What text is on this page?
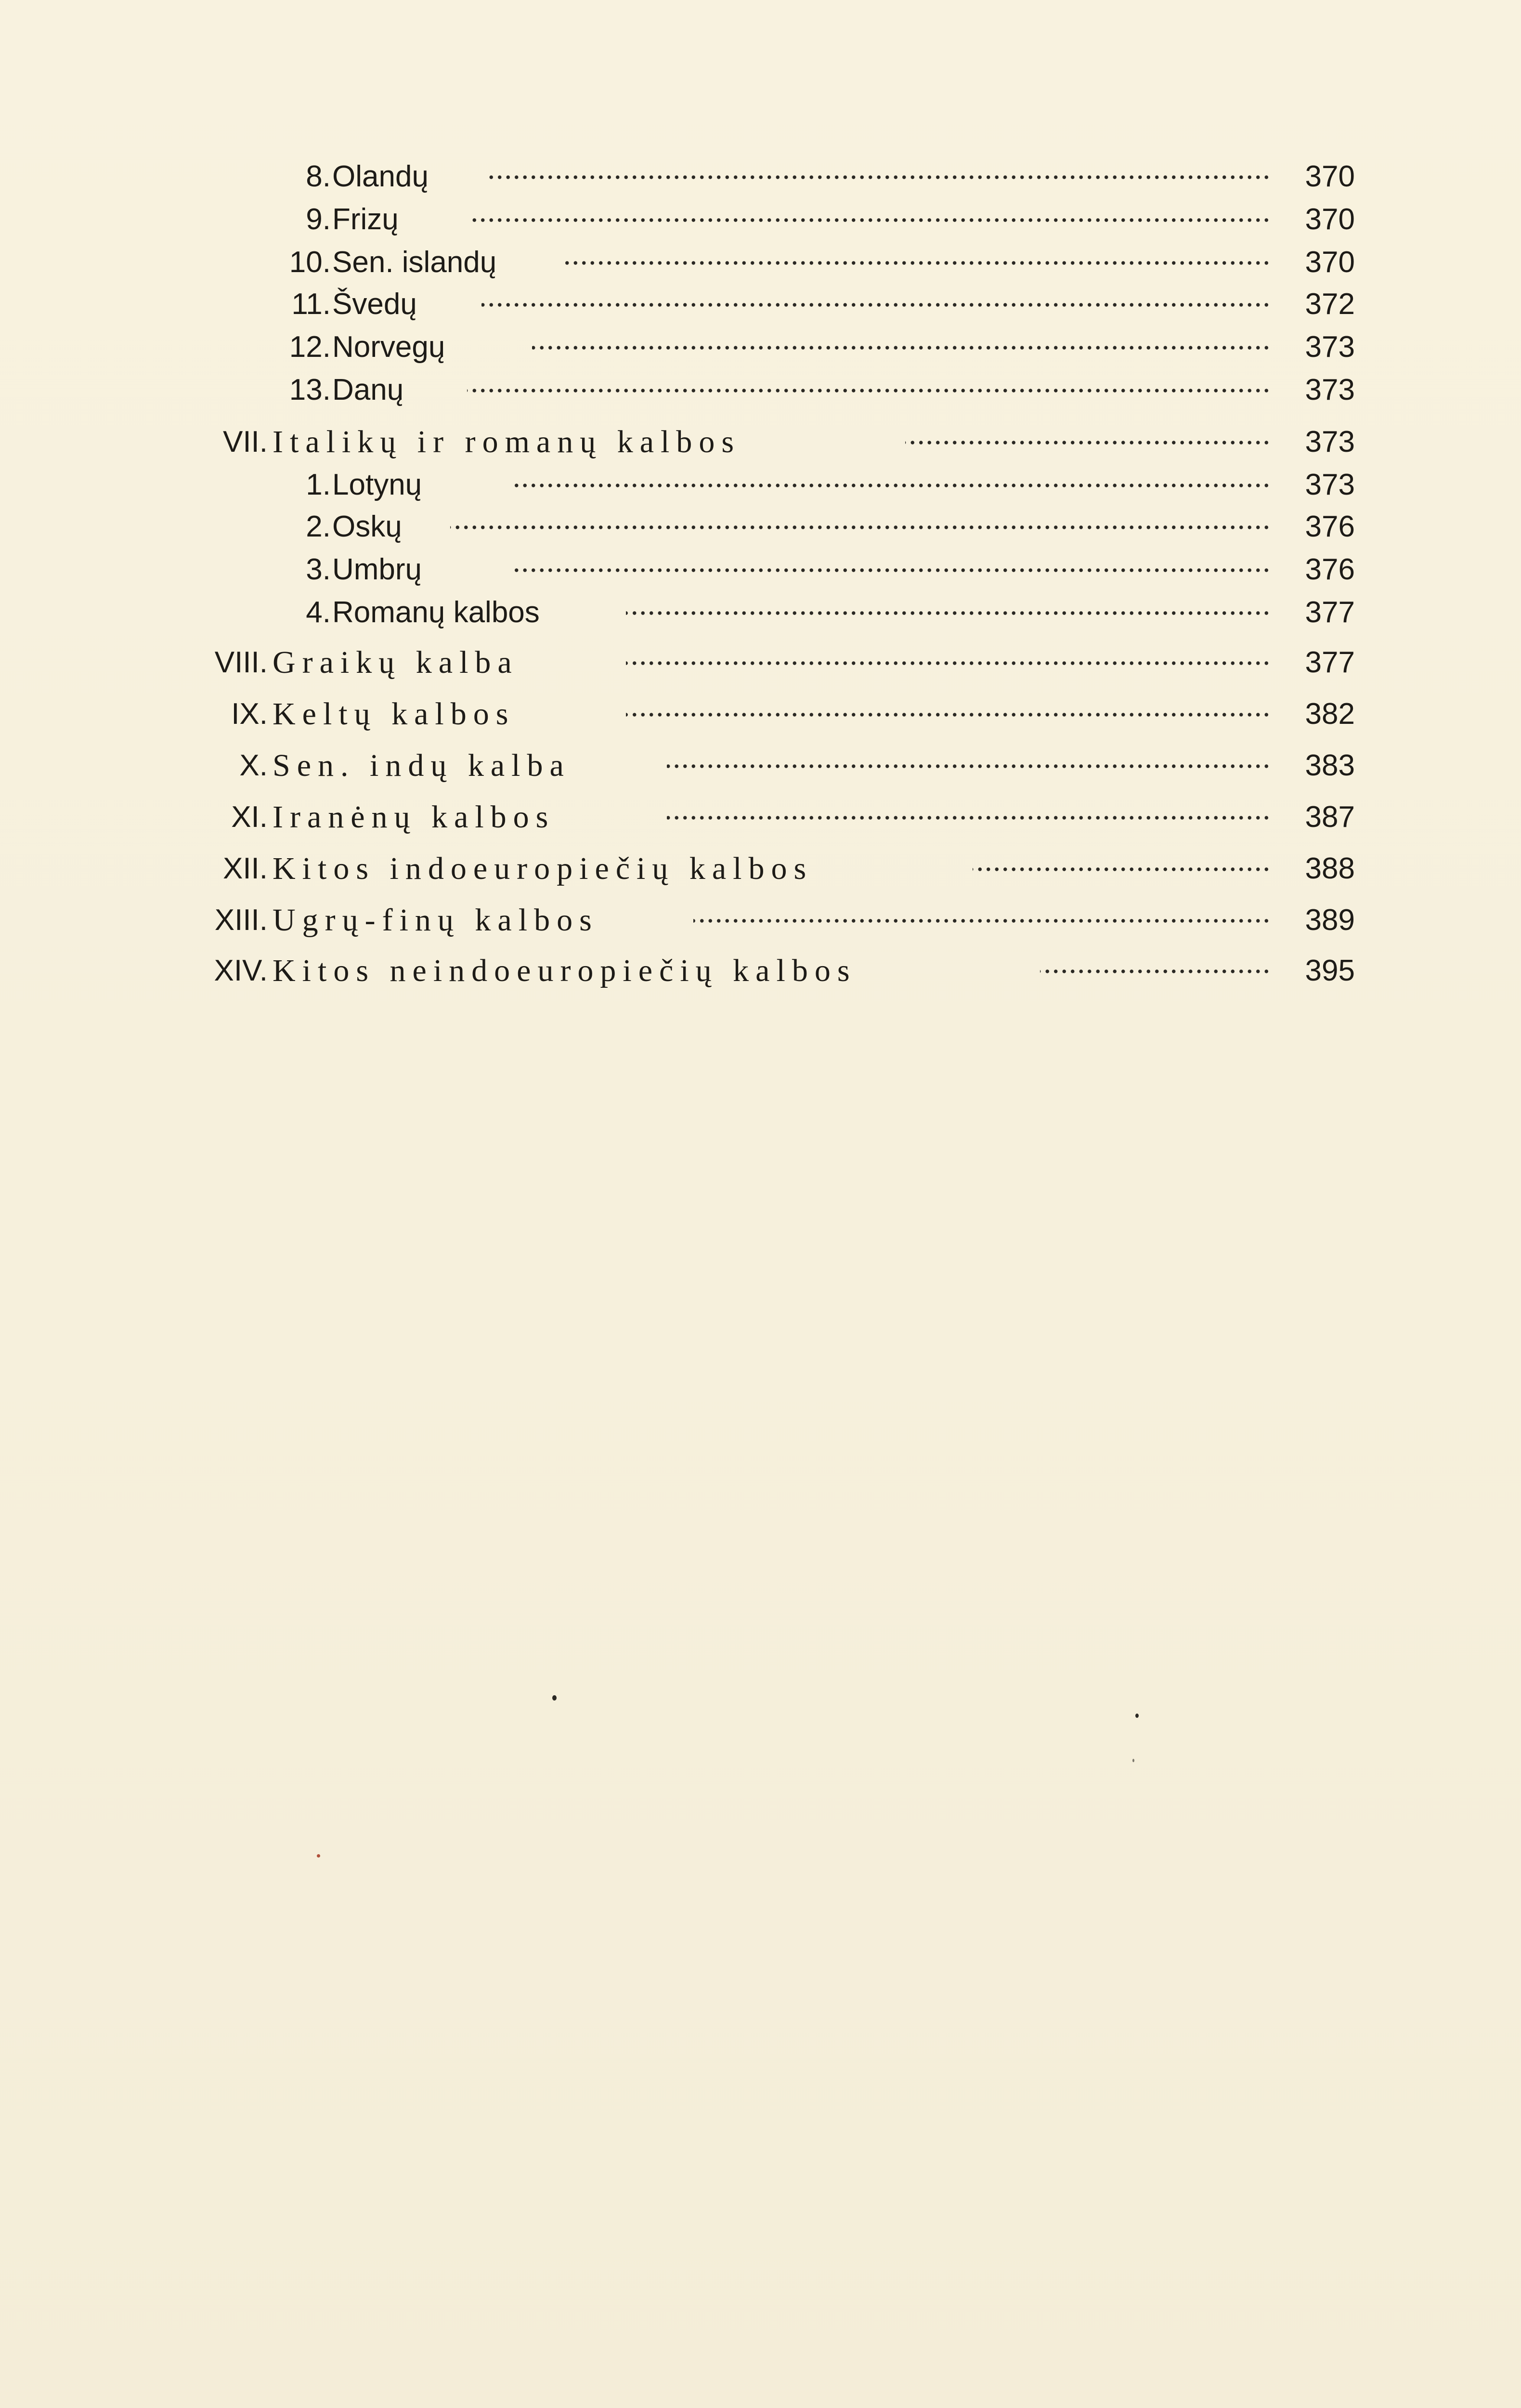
8. Olandų	370
9. Frizų	370
10. Sen. islandų	370
11. Švedų	372
12. Norvegų	373
13. Danų	373
VII. Italikų ir romanų kalbos	373
1. Lotynų	373
2. Oskų	376
3. Umbrų	376
4. Romanų kalbos	377
VIII. Graikų kalba	377
IX. Keltų kalbos	382
X. Sen. indų kalba	383
XI. Iranėnų kalbos	387
XII. Kitos indoeuropiečių kalbos	388
XIII. Ugrų-finų kalbos	389
XIV. Kitos neindoeuropiečių kalbos	395
